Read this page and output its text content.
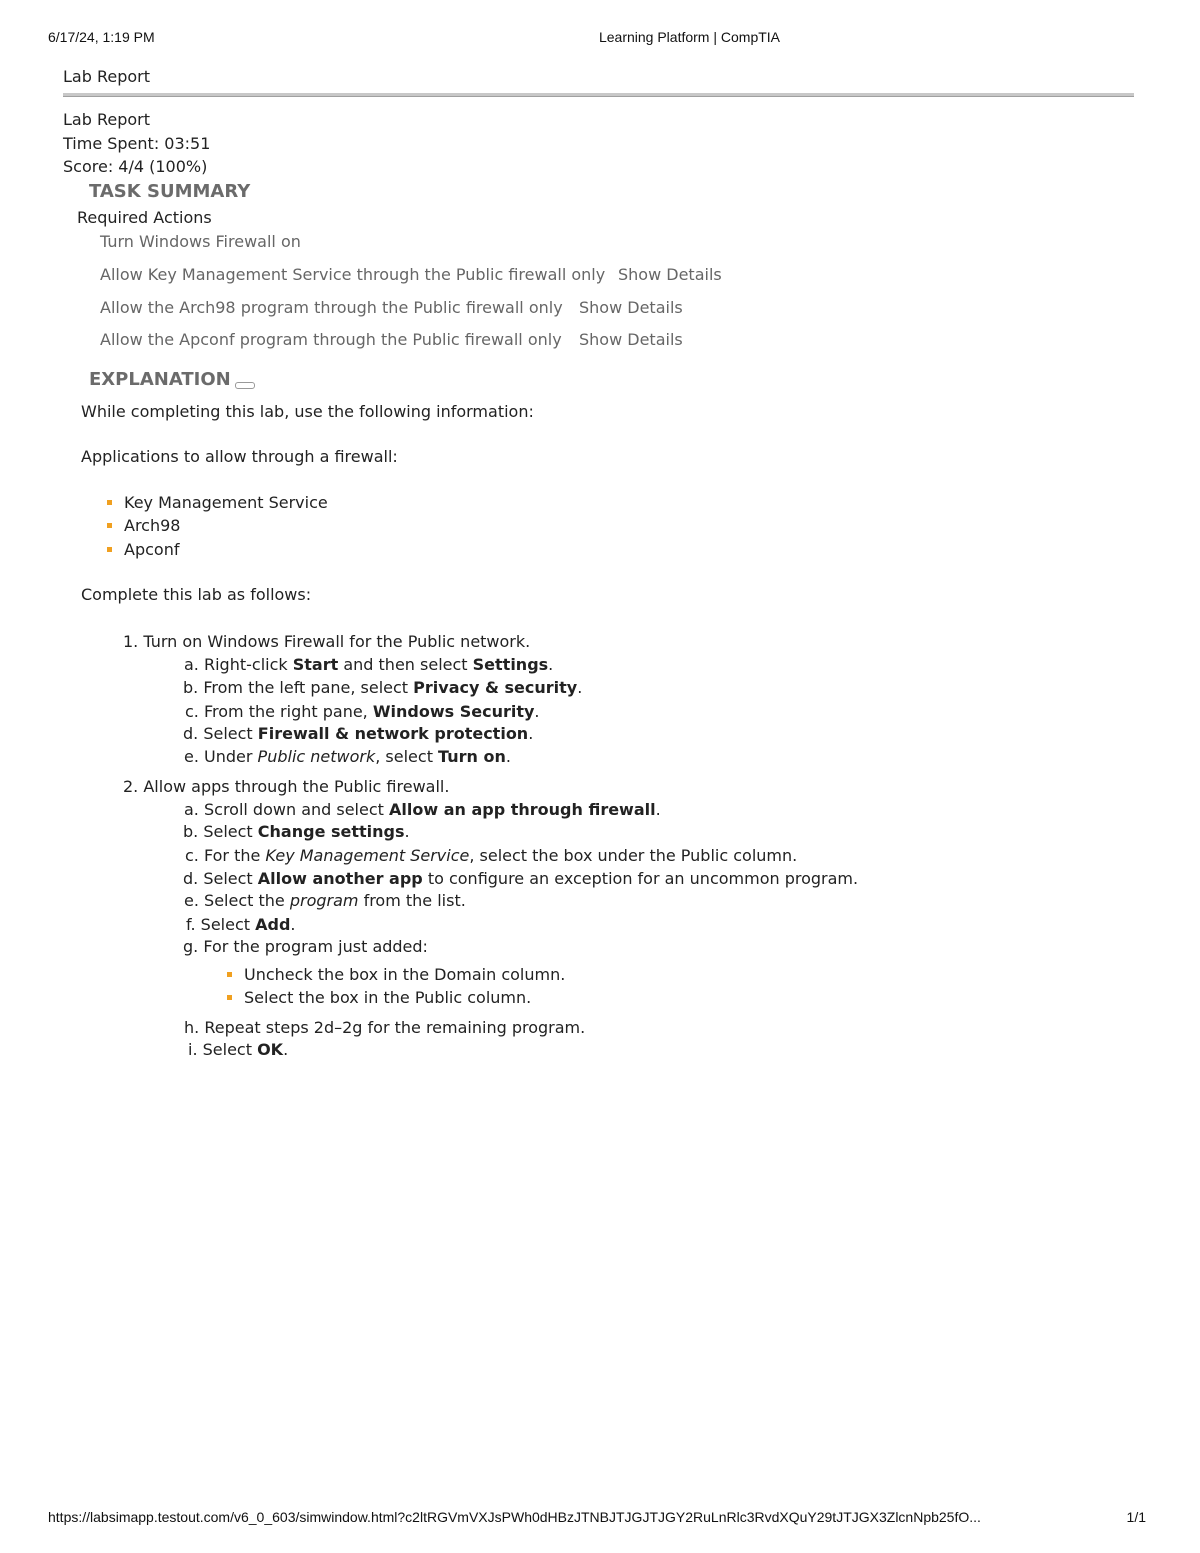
6/17/24, 1:19 PM	Learning Platform | CompTIA
https://labsimapp.testout.com/v6_0_603/simwindow.html?c2ltRGVmVXJsPWh0dHBzJTNBJTJGJTJGY2RuLnRlc3RvdXQuY29tJTJGX3ZlcnNpb25fO...	1/1
Lab Report
Lab Report
Time Spent: 03:51
Score: 4/4 (100%)
TASK SUMMARY
Required Actions
Turn Windows Firewall on
Allow Key Management Service through the Public firewall only Show Details
Allow the Arch98 program through the Public firewall only Show Details
Allow the Apconf program through the Public firewall only Show Details
EXPLANATION
While completing this lab, use the following information:
Applications to allow through a firewall:
Key Management Service
Arch98
Apconf
Complete this lab as follows:
1. Turn on Windows Firewall for the Public network.
a. Right-click Start and then select Settings.
b. From the left pane, select Privacy & security.
c. From the right pane, Windows Security.
d. Select Firewall & network protection.
e. Under Public network, select Turn on.
2. Allow apps through the Public firewall.
a. Scroll down and select Allow an app through firewall.
b. Select Change settings.
c. For the Key Management Service, select the box under the Public column.
d. Select Allow another app to configure an exception for an uncommon program.
e. Select the program from the list.
f. Select Add.
g. For the program just added:
Uncheck the box in the Domain column.
Select the box in the Public column.
h. Repeat steps 2d–2g for the remaining program.
i. Select OK.
